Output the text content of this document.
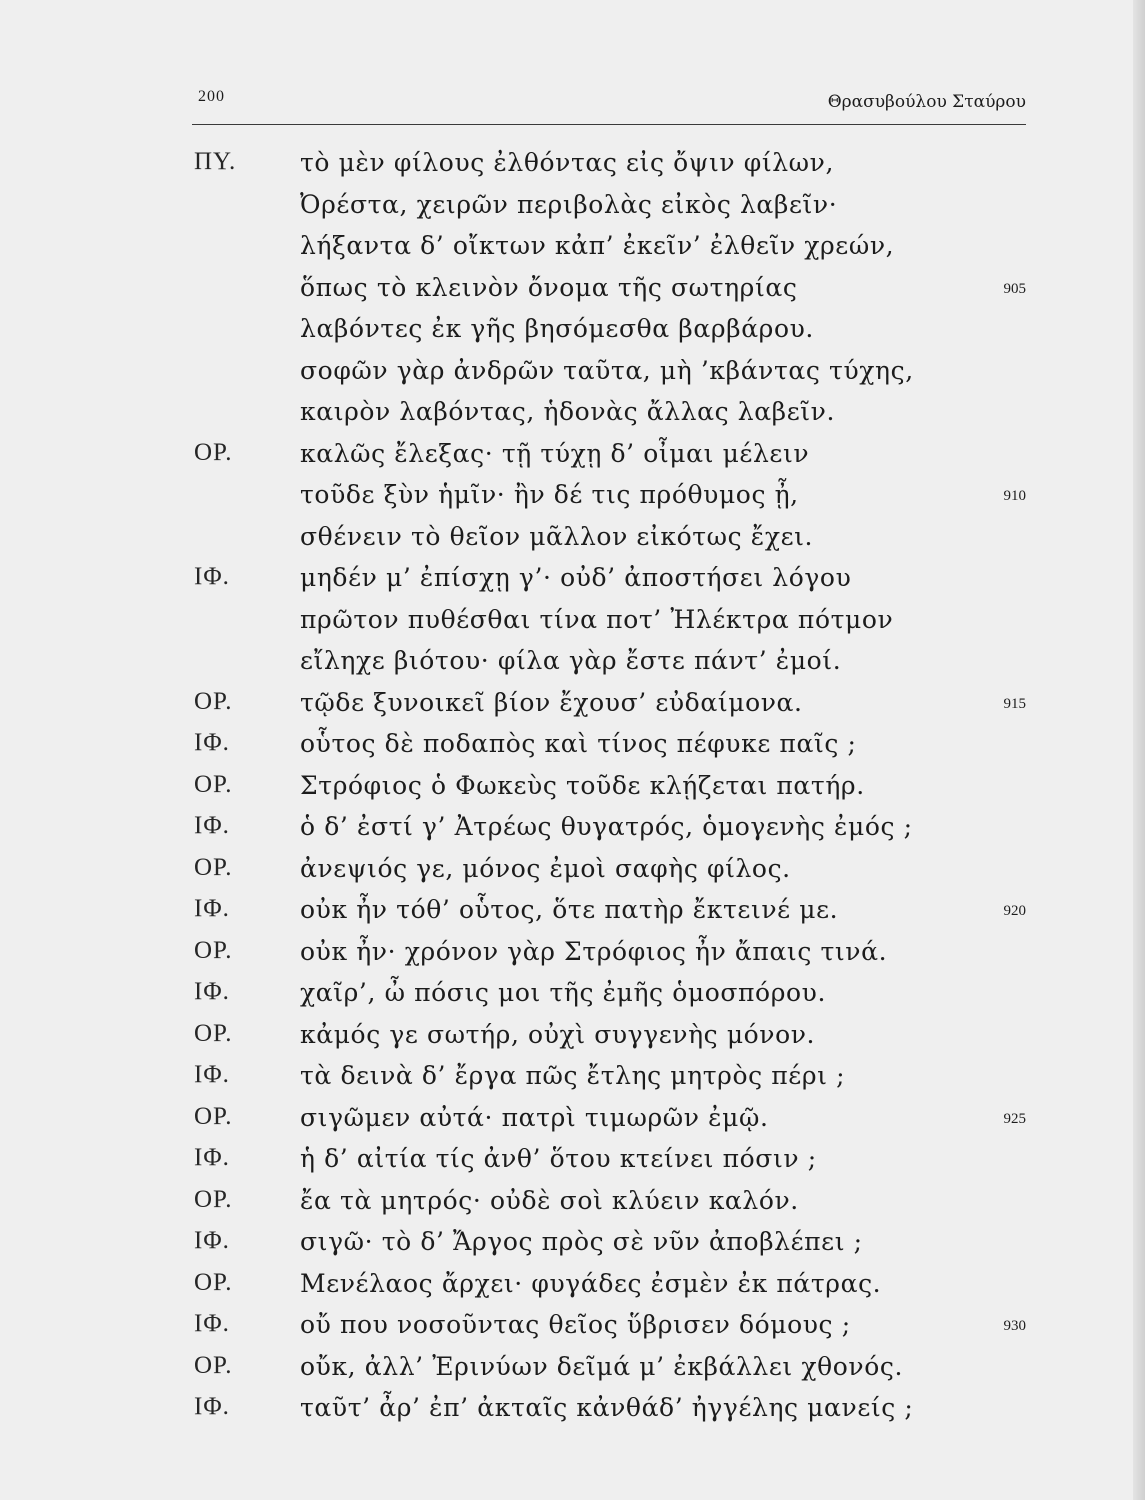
200	Θρασυβούλου Σταύρου
ΠΥ.	τὸ μὲν φίλους ἐλθόντας εἰς ὄψιν φίλων,
Ὀρέστα, χειρῶν περιβολὰς εἰκὸς λαβεῖν·
λήξαντα δ’ οἴκτων κἀπ’ ἐκεῖν’ ἐλθεῖν χρεών,
ὅπως τὸ κλεινὸν ὄνομα τῆς σωτηρίας	905
λαβόντες ἐκ γῆς βησόμεσθα βαρβάρου.
σοφῶν γὰρ ἀνδρῶν ταῦτα, μὴ ’κβάντας τύχης,
καιρὸν λαβόντας, ἡδονὰς ἄλλας λαβεῖν.
ΟΡ.	καλῶς ἔλεξας· τῇ τύχῃ δ’ οἶμαι μέλειν
τοῦδε ξὺν ἡμῖν· ἢν δέ τις πρόθυμος ᾖ,	910
σθένειν τὸ θεῖον μᾶλλον εἰκότως ἔχει.
ΙΦ.	μηδέν μ’ ἐπίσχῃ γ’· οὐδ’ ἀποστήσει λόγου
πρῶτον πυθέσθαι τίνα ποτ’ Ἠλέκτρα πότμον
εἴληχε βιότου· φίλα γὰρ ἔστε πάντ’ ἐμοί.
ΟΡ.	τῷδε ξυνοικεῖ βίον ἔχουσ’ εὐδαίμονα.	915
ΙΦ.	οὗτος δὲ ποδαπὸς καὶ τίνος πέφυκε παῖς ;
ΟΡ.	Στρόφιος ὁ Φωκεὺς τοῦδε κλῄζεται πατήρ.
ΙΦ.	ὁ δ’ ἐστί γ’ Ἀτρέως θυγατρός, ὁμογενὴς ἐμός ;
ΟΡ.	ἀνεψιός γε, μόνος ἐμοὶ σαφὴς φίλος.
ΙΦ.	οὐκ ἦν τόθ’ οὗτος, ὅτε πατὴρ ἔκτεινέ με.	920
ΟΡ.	οὐκ ἦν· χρόνον γὰρ Στρόφιος ἦν ἄπαις τινά.
ΙΦ.	χαῖρ’, ὦ πόσις μοι τῆς ἐμῆς ὁμοσπόρου.
ΟΡ.	κἀμός γε σωτήρ, οὐχὶ συγγενὴς μόνον.
ΙΦ.	τὰ δεινὰ δ’ ἔργα πῶς ἔτλης μητρὸς πέρι ;
ΟΡ.	σιγῶμεν αὐτά· πατρὶ τιμωρῶν ἐμῷ.	925
ΙΦ.	ἡ δ’ αἰτία τίς ἀνθ’ ὅτου κτείνει πόσιν ;
ΟΡ.	ἔα τὰ μητρός· οὐδὲ σοὶ κλύειν καλόν.
ΙΦ.	σιγῶ· τὸ δ’ Ἄργος πρὸς σὲ νῦν ἀποβλέπει ;
ΟΡ.	Μενέλαος ἄρχει· φυγάδες ἐσμὲν ἐκ πάτρας.
ΙΦ.	οὔ που νοσοῦντας θεῖος ὕβρισεν δόμους ;	930
ΟΡ.	οὔκ, ἀλλ’ Ἐρινύων δεῖμά μ’ ἐκβάλλει χθονός.
ΙΦ.	ταῦτ’ ἆρ’ ἐπ’ ἀκταῖς κἀνθάδ’ ἠγγέλης μανείς ;
